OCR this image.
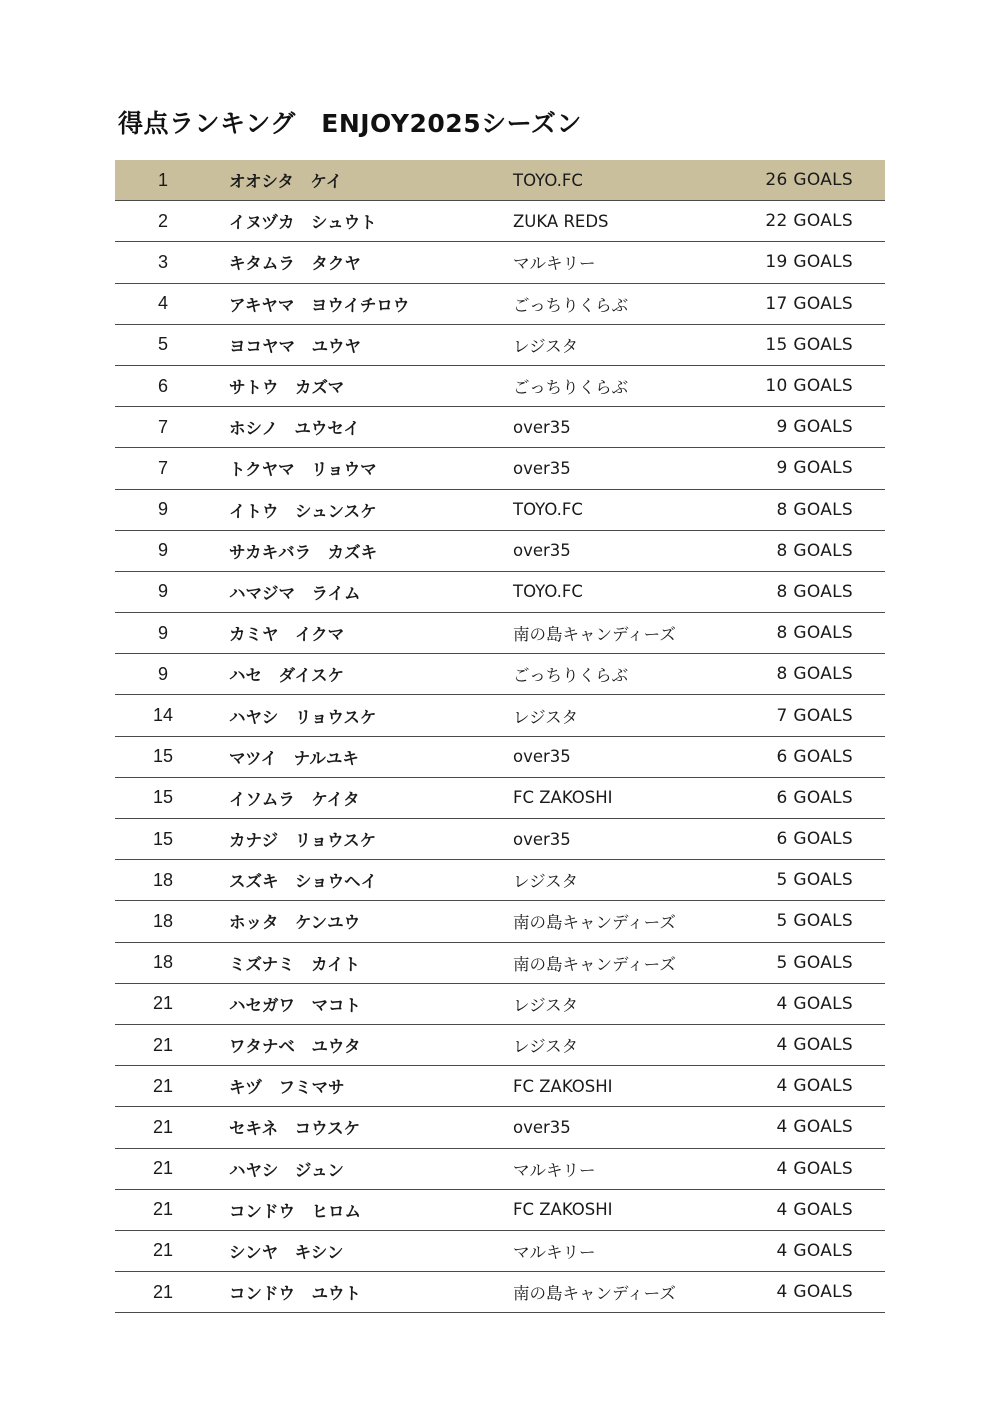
得点ランキング　ENJOY2025シーズン
1	オオシタ　ケイ	TOYO.FC	26 GOALS
2	イヌヅカ　シュウト	ZUKA REDS	22 GOALS
3	キタムラ　タクヤ	マルキリー	19 GOALS
4	アキヤマ　ヨウイチロウ	ごっちりくらぶ	17 GOALS
5	ヨコヤマ　ユウヤ	レジスタ	15 GOALS
6	サトウ　カズマ	ごっちりくらぶ	10 GOALS
7	ホシノ　ユウセイ	over35	9 GOALS
7	トクヤマ　リョウマ	over35	9 GOALS
9	イトウ　シュンスケ	TOYO.FC	8 GOALS
9	サカキバラ　カズキ	over35	8 GOALS
9	ハマジマ　ライム	TOYO.FC	8 GOALS
9	カミヤ　イクマ	南の島キャンディーズ	8 GOALS
9	ハセ　ダイスケ	ごっちりくらぶ	8 GOALS
14	ハヤシ　リョウスケ	レジスタ	7 GOALS
15	マツイ　ナルユキ	over35	6 GOALS
15	イソムラ　ケイタ	FC ZAKOSHI	6 GOALS
15	カナジ　リョウスケ	over35	6 GOALS
18	スズキ　ショウヘイ	レジスタ	5 GOALS
18	ホッタ　ケンユウ	南の島キャンディーズ	5 GOALS
18	ミズナミ　カイト	南の島キャンディーズ	5 GOALS
21	ハセガワ　マコト	レジスタ	4 GOALS
21	ワタナベ　ユウタ	レジスタ	4 GOALS
21	キヅ　フミマサ	FC ZAKOSHI	4 GOALS
21	セキネ　コウスケ	over35	4 GOALS
21	ハヤシ　ジュン	マルキリー	4 GOALS
21	コンドウ　ヒロム	FC ZAKOSHI	4 GOALS
21	シンヤ　キシン	マルキリー	4 GOALS
21	コンドウ　ユウト	南の島キャンディーズ	4 GOALS
